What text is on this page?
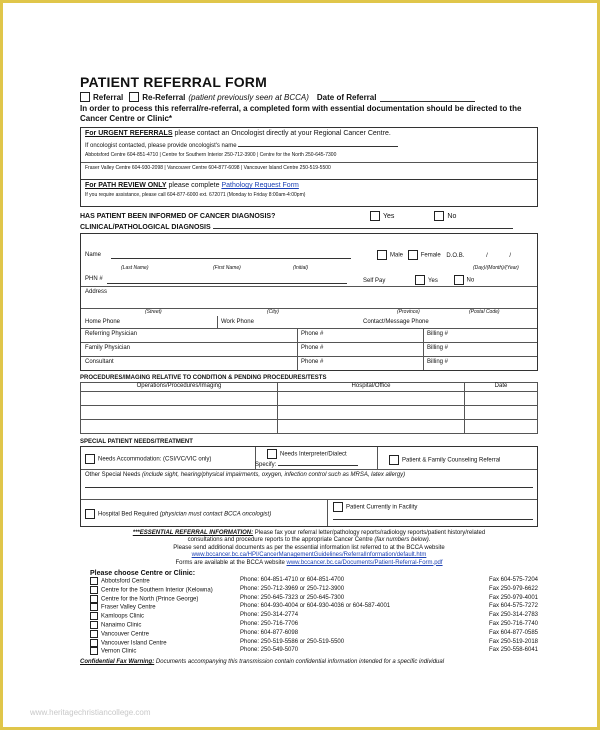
PATIENT REFERRAL FORM
Referral Re-Referral (patient previously seen at BCCA) Date of Referral
In order to process this referral/re-referral, a completed form with essential documentation should be directed to the Cancer Centre or Clinic*
For URGENT REFERRALS please contact an Oncologist directly at your Regional Cancer Centre.
If oncologist contacted, please provide oncologist's name
Abbotsford Centre 604-851-4710 | Centre for Southern Interior 250-712-3900 | Centre for the North 250-645-7300
Fraser Valley Centre 604-930-2098 | Vancouver Centre 604-877-6098 | Vancouver Island Centre 250-519-5500
For PATH REVIEW ONLY please complete Pathology Request Form
If you require assistance, please call 604-877-6000 ext. 672071 (Monday to Friday 8:00am-4:00pm)
HAS PATIENT BEEN INFORMED OF CANCER DIAGNOSIS?	Yes	No
CLINICAL/PATHOLOGICAL DIAGNOSIS
Name	Male	Female D.O.B.	/	/
(Last Name)	(First Name)	(Initial)	(Day)/(Month)/(Year)
PHN #	Self Pay	Yes	No
Address
(Street)	(City)	(Province)	(Postal Code)
Home Phone	Work Phone	Contact/Message Phone
Referring Physician	Phone #	Billing #
Family Physician	Phone #	Billing #
Consultant	Phone #	Billing #
PROCEDURES/IMAGING RELATIVE TO CONDITION & PENDING PROCEDURES/TESTS
Operations/Procedures/Imaging	Hospital/Office	Date

SPECIAL PATIENT NEEDS/TREATMENT
Needs Accommodation: (CSI/VC/VIC only)
Needs Interpreter/Dialect
Specify:
Patient & Family Counseling Referral
Other Special Needs (include sight, hearing/physical impairments, oxygen, infection control such as MRSA, latex allergy)
Hospital Bed Required (physician must contact BCCA oncologist)
Patient Currently in Facility
***ESSENTIAL REFERRAL INFORMATION: Please fax your referral letter/pathology reports/radiology reports/patient history/related
consultations and procedure reports to the appropriate Cancer Centre (fax numbers below).
Please send additional documents as per the essential information list referred to at the BCCA website
www.bccancer.bc.ca/HPI/CancerManagementGuidelines/ReferralInformation/default.htm
Forms are available at the BCCA website www.bccancer.bc.ca/Documents/Patient-Referral-Form.pdf
Please choose Centre or Clinic:
Abbotsford Centre	Phone: 604-851-4710 or 604-851-4700	Fax 604-575-7204
Centre for the Southern Interior (Kelowna)	Phone: 250-712-3969 or 250-712-3900	Fax 250-979-6622
Centre for the North (Prince George)	Phone: 250-645-7323 or 250-645-7300	Fax 250-979-4001
Fraser Valley Centre	Phone: 604-930-4004 or 604-930-4036 or 604-587-4001	Fax 604-575-7272
Kamloops Clinic	Phone: 250-314-2774	Fax 250-314-2783
Nanaimo Clinic	Phone: 250-716-7706	Fax 250-716-7740
Vancouver Centre	Phone: 604-877-6098	Fax 604-877-0585
Vancouver Island Centre	Phone: 250-519-5586 or 250-519-5500	Fax 250-519-2018
Vernon Clinic	Phone: 250-549-5070	Fax 250-558-6041
Confidential Fax Warning: Documents accompanying this transmission contain confidential information intended for a specific individual
www.heritagechristiancollege.com
